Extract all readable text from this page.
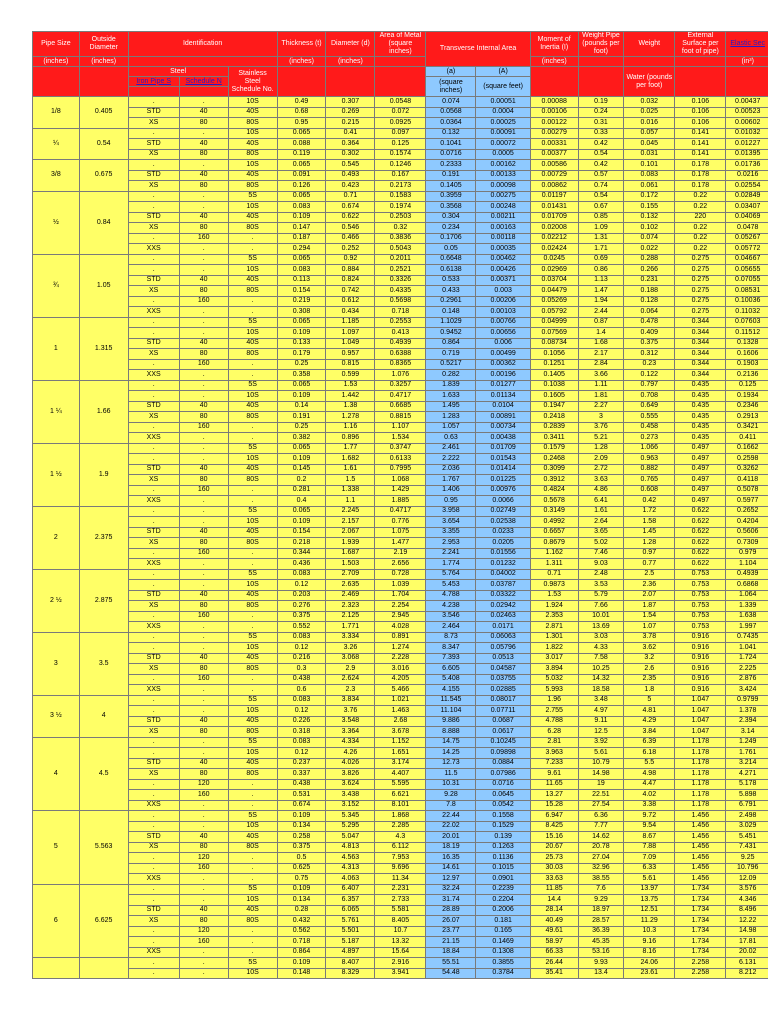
Pipe Size	Outside Diameter	Identification			Thickness (t)	Diameter (d)	Area of Metal (square inches)	Transverse Internal Area		Moment of Inertia (I)	Weight Pipe (pounds per foot)	Weight	External Surface per foot of pipe)	Elastic Sec
(inches)	(inches)				(inches)	(inches)				(inches)				(in³)
		Steel		Stainless Steel Schedule No.				(a)	(A)			Water (pounds per foot)		
		Iron Pipe S	Schedule N					(square inches)	(square feet)					

1/8	0.405	.	.	10S	0.49	0.307	0.0548	0.074	0.00051	0.00088	0.19	0.032	0.106	0.00437
		STD	40	40S	0.68	0.269	0.072	0.0568	0.0004	0.00106	0.24	0.025	0.106	0.00523
		XS	80	80S	0.95	0.215	0.0925	0.0364	0.00025	0.00122	0.31	0.016	0.106	0.00602
¼	0.54	.	.	10S	0.065	0.41	0.097	0.132	0.00091	0.00279	0.33	0.057	0.141	0.01032
		STD	40	40S	0.088	0.364	0.125	0.1041	0.00072	0.00331	0.42	0.045	0.141	0.01227
		XS	80	80S	0.119	0.302	0.1574	0.0716	0.0005	0.00377	0.54	0.031	0.141	0.01395
3/8	0.675	.	.	10S	0.065	0.545	0.1246	0.2333	0.00162	0.00586	0.42	0.101	0.178	0.01736
		STD	40	40S	0.091	0.493	0.167	0.191	0.00133	0.00729	0.57	0.083	0.178	0.0216
		XS	80	80S	0.126	0.423	0.2173	0.1405	0.00098	0.00862	0.74	0.061	0.178	0.02554
½	0.84	.	.	5S	0.065	0.71	0.1583	0.3959	0.00275	0.01197	0.54	0.172	0.22	0.02849
		.	.	10S	0.083	0.674	0.1974	0.3568	0.00248	0.01431	0.67	0.155	0.22	0.03407
		STD	40	40S	0.109	0.622	0.2503	0.304	0.00211	0.01709	0.85	0.132	220	0.04069
		XS	80	80S	0.147	0.546	0.32	0.234	0.00163	0.02008	1.09	0.102	0.22	0.0478
		.	160	.	0.187	0.466	0.3836	0.1706	0.00118	0.02212	1.31	0.074	0.22	0.05267
		XXS	.	.	0.294	0.252	0.5043	0.05	0.00035	0.02424	1.71	0.022	0.22	0.05772
¾	1.05	.	.	5S	0.065	0.92	0.2011	0.6648	0.00462	0.0245	0.69	0.288	0.275	0.04667
		.	.	10S	0.083	0.884	0.2521	0.6138	0.00426	0.02969	0.86	0.266	0.275	0.05655
		STD	40	40S	0.113	0.824	0.3326	0.533	0.00371	0.03704	1.13	0.231	0.275	0.07055
		XS	80	80S	0.154	0.742	0.4335	0.433	0.003	0.04479	1.47	0.188	0.275	0.08531
		.	160	.	0.219	0.612	0.5698	0.2961	0.00206	0.05269	1.94	0.128	0.275	0.10036
		XXS	.	.	0.308	0.434	0.718	0.148	0.00103	0.05792	2.44	0.064	0.275	0.11032
1	1.315	.	.	5S	0.065	1.185	0.2553	1.1029	0.00766	0.04999	0.87	0.478	0.344	0.07603
		.	.	10S	0.109	1.097	0.413	0.9452	0.00656	0.07569	1.4	0.409	0.344	0.11512
		STD	40	40S	0.133	1.049	0.4939	0.864	0.006	0.08734	1.68	0.375	0.344	0.1328
		XS	80	80S	0.179	0.957	0.6388	0.719	0.00499	0.1056	2.17	0.312	0.344	0.1606
		.	160	.	0.25	0.815	0.8365	0.5217	0.00362	0.1251	2.84	0.23	0.344	0.1903
		XXS	.	.	0.358	0.599	1.076	0.282	0.00196	0.1405	3.66	0.122	0.344	0.2136
1 ¼	1.66	.	.	5S	0.065	1.53	0.3257	1.839	0.01277	0.1038	1.11	0.797	0.435	0.125
		.	.	10S	0.109	1.442	0.4717	1.633	0.01134	0.1605	1.81	0.708	0.435	0.1934
		STD	40	40S	0.14	1.38	0.6685	1.495	0.0104	0.1947	2.27	0.649	0.435	0.2346
		XS	80	80S	0.191	1.278	0.8815	1.283	0.00891	0.2418	3	0.555	0.435	0.2913
		.	160	.	0.25	1.16	1.107	1.057	0.00734	0.2839	3.76	0.458	0.435	0.3421
		XXS	.	.	0.382	0.896	1.534	0.63	0.00438	0.3411	5.21	0.273	0.435	0.411
1 ½	1.9	.	.	5S	0.065	1.77	0.3747	2.461	0.01709	0.1579	1.28	1.066	0.497	0.1662
		.	.	10S	0.109	1.682	0.6133	2.222	0.01543	0.2468	2.09	0.963	0.497	0.2598
		STD	40	40S	0.145	1.61	0.7995	2.036	0.01414	0.3099	2.72	0.882	0.497	0.3262
		XS	80	80S	0.2	1.5	1.068	1.767	0.01225	0.3912	3.63	0.765	0.497	0.4118
		.	160	.	0.281	1.338	1.429	1.406	0.00976	0.4824	4.86	0.608	0.497	0.5078
		XXS	.	.	0.4	1.1	1.885	0.95	0.0066	0.5678	6.41	0.42	0.497	0.5977
2	2.375	.	.	5S	0.065	2.245	0.4717	3.958	0.02749	0.3149	1.61	1.72	0.622	0.2652
		.	.	10S	0.109	2.157	0.776	3.654	0.02538	0.4992	2.64	1.58	0.622	0.4204
		STD	40	40S	0.154	2.067	1.075	3.355	0.0233	0.6657	3.65	1.45	0.622	0.5606
		XS	80	80S	0.218	1.939	1.477	2.953	0.0205	0.8679	5.02	1.28	0.622	0.7309
		.	160	.	0.344	1.687	2.19	2.241	0.01556	1.162	7.46	0.97	0.622	0.979
		XXS	.	.	0.436	1.503	2.656	1.774	0.01232	1.311	9.03	0.77	0.622	1.104
2 ½	2.875	.	.	5S	0.083	2.709	0.728	5.764	0.04002	0.71	2.48	2.5	0.753	0.4939
		.	.	10S	0.12	2.635	1.039	5.453	0.03787	0.9873	3.53	2.36	0.753	0.6868
		STD	40	40S	0.203	2.469	1.704	4.788	0.03322	1.53	5.79	2.07	0.753	1.064
		XS	80	80S	0.276	2.323	2.254	4.238	0.02942	1.924	7.66	1.87	0.753	1.339
		.	160	.	0.375	2.125	2.945	3.546	0.02463	2.353	10.01	1.54	0.753	1.638
		XXS	.	.	0.552	1.771	4.028	2.464	0.0171	2.871	13.69	1.07	0.753	1.997
3	3.5	.	.	5S	0.083	3.334	0.891	8.73	0.06063	1.301	3.03	3.78	0.916	0.7435
		.	.	10S	0.12	3.26	1.274	8.347	0.05796	1.822	4.33	3.62	0.916	1.041
		STD	40	40S	0.216	3.068	2.228	7.393	0.0513	3.017	7.58	3.2	0.916	1.724
		XS	80	80S	0.3	2.9	3.016	6.605	0.04587	3.894	10.25	2.6	0.916	2.225
		.	160	.	0.438	2.624	4.205	5.408	0.03755	5.032	14.32	2.35	0.916	2.876
		XXS	.	.	0.6	2.3	5.466	4.155	0.02885	5.993	18.58	1.8	0.916	3.424
3 ½	4	.	.	5S	0.083	3.834	1.021	11.545	0.08017	1.96	3.48	5	1.047	0.9799
		.	.	10S	0.12	3.76	1.463	11.104	0.07711	2.755	4.97	4.81	1.047	1.378
		STD	40	40S	0.226	3.548	2.68	9.886	0.0687	4.788	9.11	4.29	1.047	2.394
		XS	80	80S	0.318	3.364	3.678	8.888	0.0617	6.28	12.5	3.84	1.047	3.14
4	4.5	.	.	5S	0.083	4.334	1.152	14.75	0.10245	2.81	3.92	6.39	1.178	1.249
		.	.	10S	0.12	4.26	1.651	14.25	0.09898	3.963	5.61	6.18	1.178	1.761
		STD	40	40S	0.237	4.026	3.174	12.73	0.0884	7.233	10.79	5.5	1.178	3.214
		XS	80	80S	0.337	3.826	4.407	11.5	0.07986	9.61	14.98	4.98	1.178	4.271
		.	120	.	0.438	3.624	5.595	10.31	0.0716	11.65	19	4.47	1.178	5.178
		.	160	.	0.531	3.438	6.621	9.28	0.0645	13.27	22.51	4.02	1.178	5.898
		XXS	.	.	0.674	3.152	8.101	7.8	0.0542	15.28	27.54	3.38	1.178	6.791
5	5.563	.	.	5S	0.109	5.345	1.868	22.44	0.1558	6.947	6.36	9.72	1.456	2.498
		.	.	10S	0.134	5.295	2.285	22.02	0.1529	8.425	7.77	9.54	1.456	3.029
		STD	40	40S	0.258	5.047	4.3	20.01	0.139	15.16	14.62	8.67	1.456	5.451
		XS	80	80S	0.375	4.813	6.112	18.19	0.1263	20.67	20.78	7.88	1.456	7.431
		.	120	.	0.5	4.563	7.953	16.35	0.1136	25.73	27.04	7.09	1.456	9.25
		.	160	.	0.625	4.313	9.696	14.61	0.1015	30.03	32.96	6.33	1.456	10.796
		XXS	.	.	0.75	4.063	11.34	12.97	0.0901	33.63	38.55	5.61	1.456	12.09
6	6.625	.	.	5S	0.109	6.407	2.231	32.24	0.2239	11.85	7.6	13.97	1.734	3.576
		.	.	10S	0.134	6.357	2.733	31.74	0.2204	14.4	9.29	13.75	1.734	4.346
		STD	40	40S	0.28	6.065	5.581	28.89	0.2006	28.14	18.97	12.51	1.734	8.496
		XS	80	80S	0.432	5.761	8.405	26.07	0.181	40.49	28.57	11.29	1.734	12.22
		.	120	.	0.562	5.501	10.7	23.77	0.165	49.61	36.39	10.3	1.734	14.98
		.	160	.	0.718	5.187	13.32	21.15	0.1469	58.97	45.35	9.16	1.734	17.81
		XXS	.	.	0.864	4.897	15.64	18.84	0.1308	66.33	53.16	8.16	1.734	20.02
		.	.	5S	0.109	8.407	2.916	55.51	0.3855	26.44	9.93	24.06	2.258	6.131
		.	.	10S	0.148	8.329	3.941	54.48	0.3784	35.41	13.4	23.61	2.258	8.212
